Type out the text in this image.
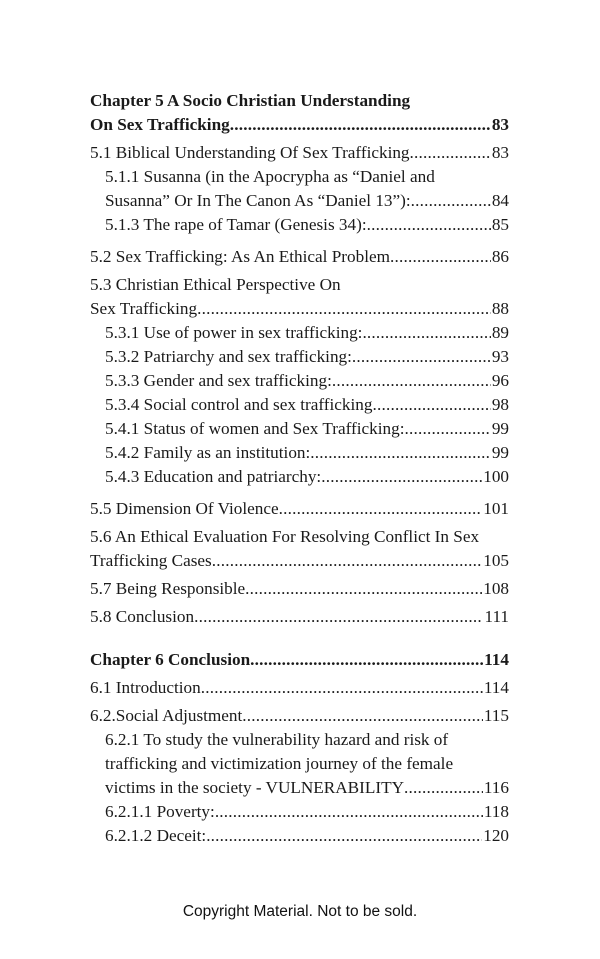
Chapter 5 A Socio Christian Understanding
On Sex Trafficking .....	83
5.1 Biblical Understanding Of Sex Trafficking .....	83
5.1.1 Susanna (in the Apocrypha as “Daniel and
Susanna” Or In The Canon As “Daniel 13”): .....	84
5.1.3 The rape of Tamar (Genesis 34): .....	85
5.2 Sex Trafficking: As An Ethical Problem .....	86
5.3 Christian Ethical Perspective On
Sex Trafficking .....	88
5.3.1 Use of power in sex trafficking: .....	89
5.3.2 Patriarchy and sex trafficking: .....	93
5.3.3 Gender and sex trafficking: .....	96
5.3.4 Social control and sex trafficking .....	98
5.4.1 Status of women and Sex Trafficking: .....	99
5.4.2 Family as an institution: .....	99
5.4.3 Education and patriarchy: .....	100
5.5 Dimension Of Violence .....	101
5.6 An Ethical Evaluation For Resolving Conflict In Sex
Trafficking Cases .....	105
5.7 Being Responsible .....	108
5.8 Conclusion .....	111
Chapter 6 Conclusion .....	114
6.1 Introduction .....	114
6.2.Social Adjustment .....	115
6.2.1 To study the vulnerability hazard and risk of
trafficking and victimization journey of the female
victims in the society - VULNERABILITY .....	116
6.2.1.1 Poverty: .....	118
6.2.1.2 Deceit: .....	120
Copyright Material. Not to be sold.
